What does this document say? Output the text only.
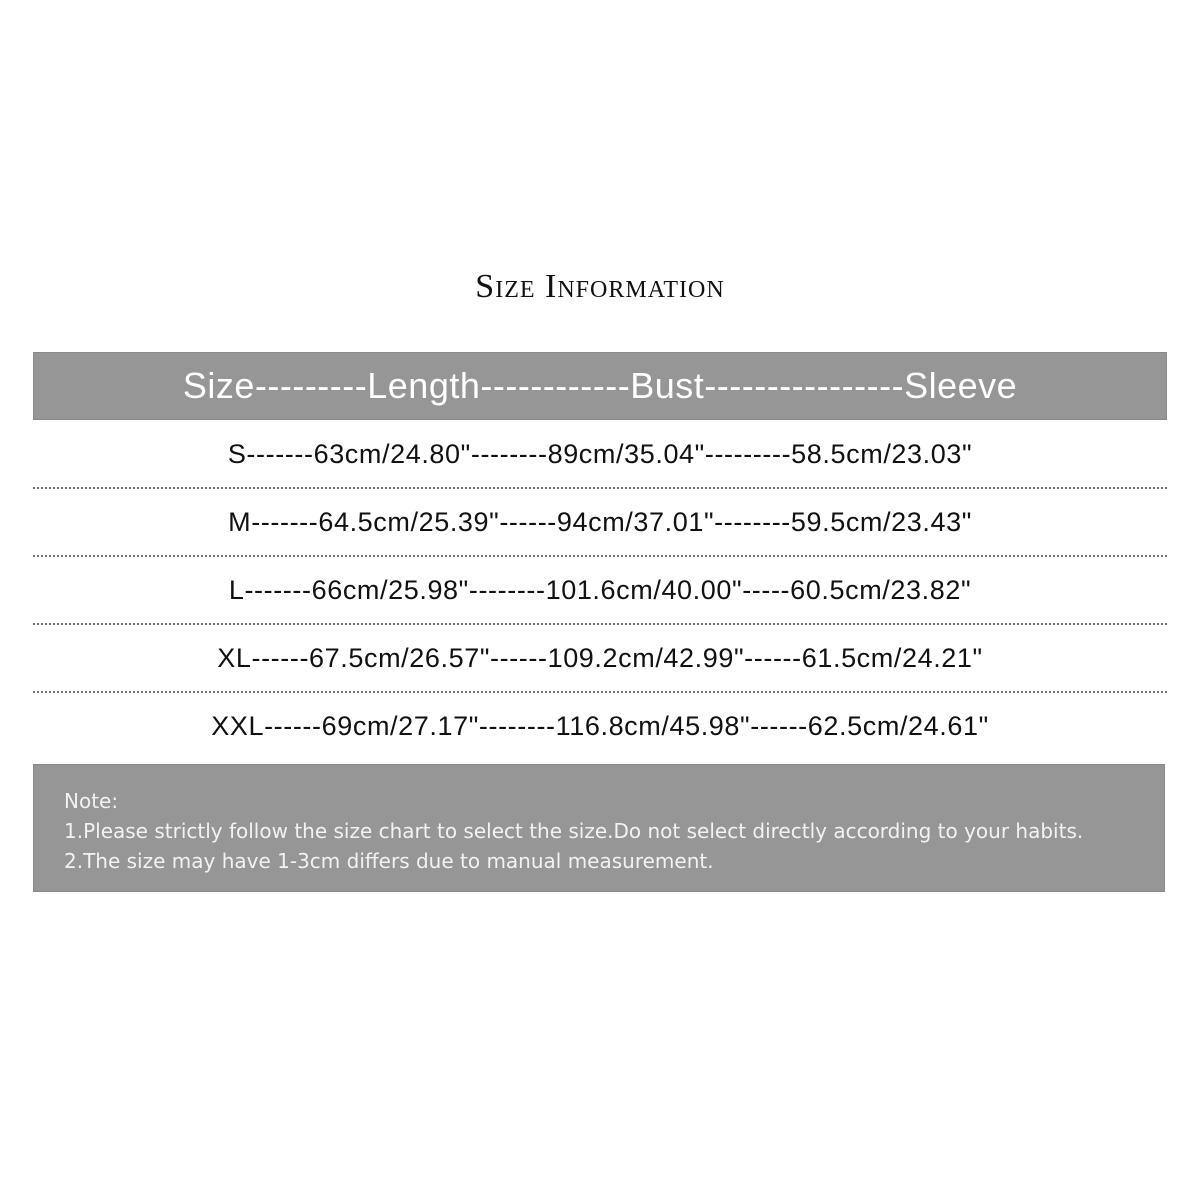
Size Information
Size---------Length------------Bust----------------Sleeve
S-------63cm/24.80"--------89cm/35.04"---------58.5cm/23.03"
M-------64.5cm/25.39"------94cm/37.01"--------59.5cm/23.43"
L-------66cm/25.98"--------101.6cm/40.00"-----60.5cm/23.82"
XL------67.5cm/26.57"------109.2cm/42.99"------61.5cm/24.21"
XXL------69cm/27.17"--------116.8cm/45.98"------62.5cm/24.61"
Note:
1.Please strictly follow the size chart to select the size.Do not select directly according to your habits.
2.The size may have 1-3cm differs due to manual measurement.
